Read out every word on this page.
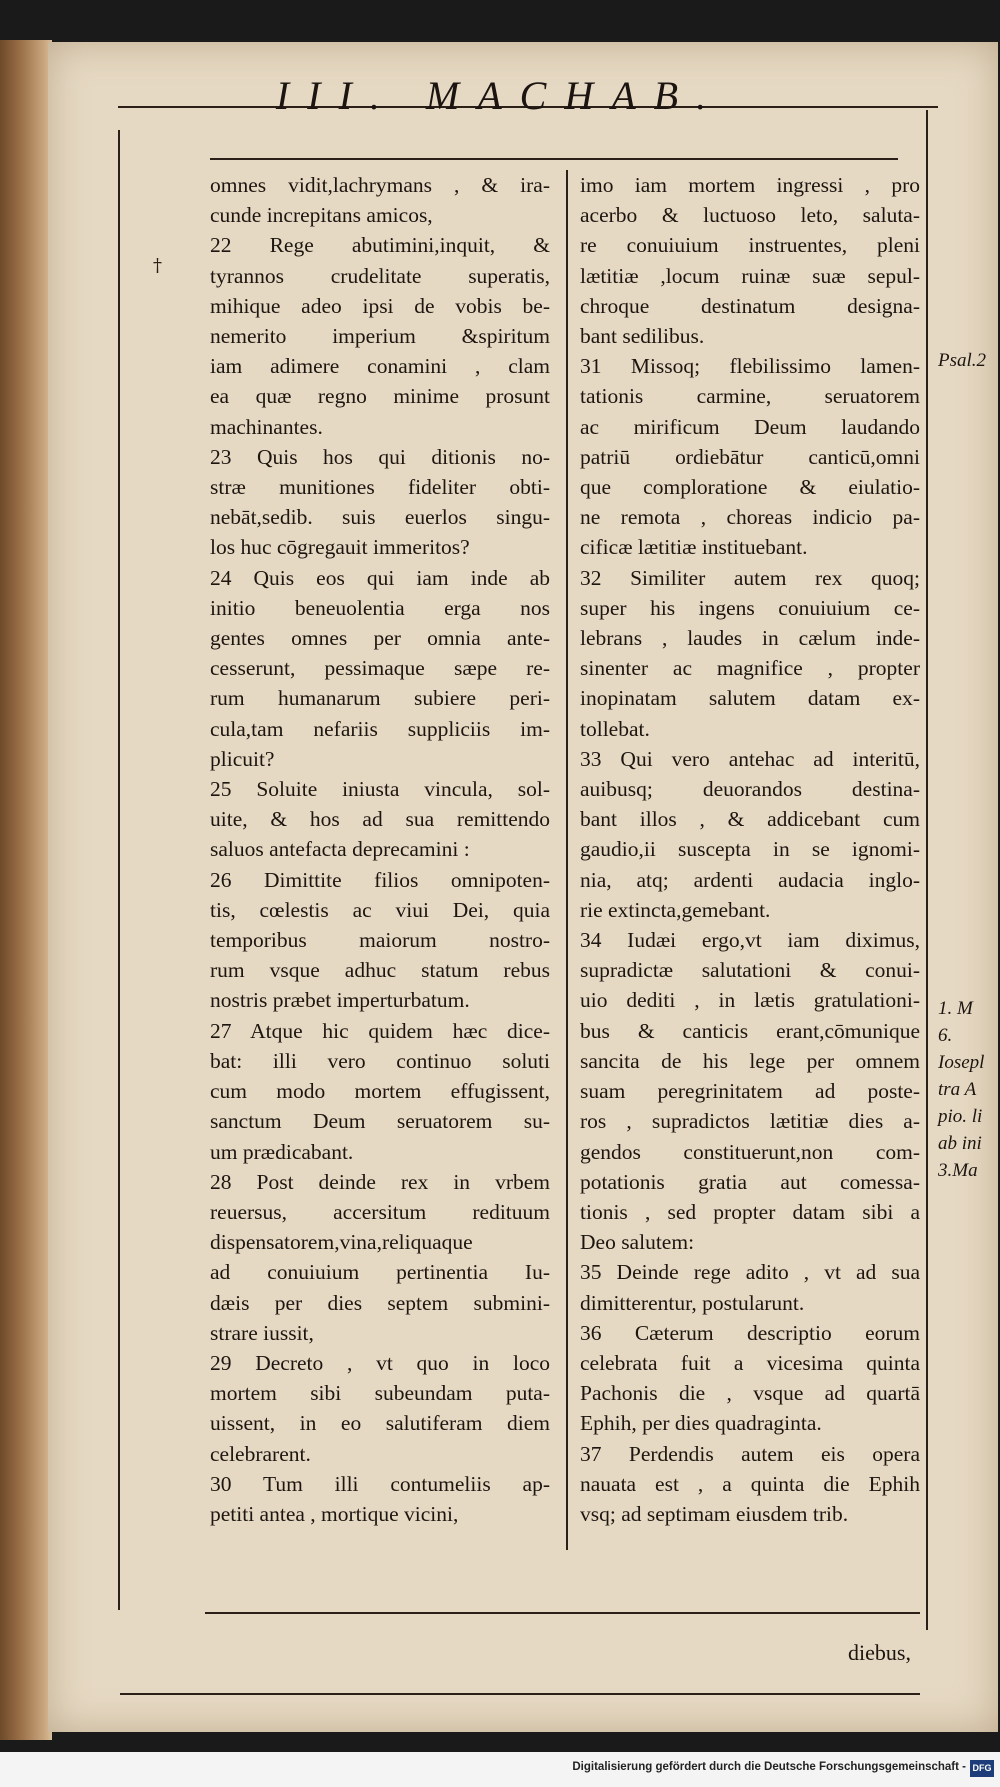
III. MACHAB.
†
omnes vidit,lachrymans , & ira-
cunde increpitans amicos,
22 Rege abutimini,inquit, &
tyrannos crudelitate superatis,
mihique adeo ipsi de vobis be-
nemerito imperium &spiritum
iam adimere conamini , clam
ea quæ regno minime prosunt
machinantes.
23 Quis hos qui ditionis no-
stræ munitiones fideliter obti-
nebāt,sedib. suis euerlos singu-
los huc cōgregauit immeritos?
24 Quis eos qui iam inde ab
initio beneuolentia erga nos
gentes omnes per omnia ante-
cesserunt, pessimaque sæpe re-
rum humanarum subiere peri-
cula,tam nefariis suppliciis im-
plicuit?
25 Soluite iniusta vincula, sol-
uite, & hos ad sua remittendo
saluos antefacta deprecamini :
26 Dimittite filios omnipoten-
tis, cœlestis ac viui Dei, quia
temporibus maiorum nostro-
rum vsque adhuc statum rebus
nostris præbet imperturbatum.
27 Atque hic quidem hæc dice-
bat: illi vero continuo soluti
cum modo mortem effugissent,
sanctum Deum seruatorem su-
um prædicabant.
28 Post deinde rex in vrbem
reuersus, accersitum redituum
dispensatorem,vina,reliquaque
ad conuiuium pertinentia Iu-
dæis per dies septem submini-
strare iussit,
29 Decreto , vt quo in loco
mortem sibi subeundam puta-
uissent, in eo salutiferam diem
celebrarent.
30 Tum illi contumeliis ap-
petiti antea , mortique vicini,
imo iam mortem ingressi , pro
acerbo & luctuoso leto, saluta-
re conuiuium instruentes, pleni
lætitiæ ,locum ruinæ suæ sepul-
chroque destinatum designa-
bant sedilibus.
31 Missoq; flebilissimo lamen-
tationis carmine, seruatorem
ac mirificum Deum laudando
patriū ordiebātur canticū,omni
que comploratione & eiulatio-
ne remota , choreas indicio pa-
cificæ lætitiæ instituebant.
32 Similiter autem rex quoq;
super his ingens conuiuium ce-
lebrans , laudes in cælum inde-
sinenter ac magnifice , propter
inopinatam salutem datam ex-
tollebat.
33 Qui vero antehac ad interitū,
auibusq; deuorandos destina-
bant illos , & addicebant cum
gaudio,ii suscepta in se ignomi-
nia, atq; ardenti audacia inglo-
rie extincta,gemebant.
34 Iudæi ergo,vt iam diximus,
supradictæ salutationi & conui-
uio dediti , in lætis gratulationi-
bus & canticis erant,cōmunique
sancita de his lege per omnem
suam peregrinitatem ad poste-
ros , supradictos lætitiæ dies a-
gendos constituerunt,non com-
potationis gratia aut comessa-
tionis , sed propter datam sibi a
Deo salutem:
35 Deinde rege adito , vt ad sua
dimitterentur, postularunt.
36 Cæterum descriptio eorum
celebrata fuit a vicesima quinta
Pachonis die , vsque ad quartā
Ephih, per dies quadraginta.
37 Perdendis autem eis opera
nauata est , a quinta die Ephih
vsq; ad septimam eiusdem trib.
Psal.2
1. M
6.
Iosepl
tra A
pio. li
ab ini
3.Ma
diebus,
Digitalisierung gefördert durch die Deutsche Forschungsgemeinschaft - DFG
